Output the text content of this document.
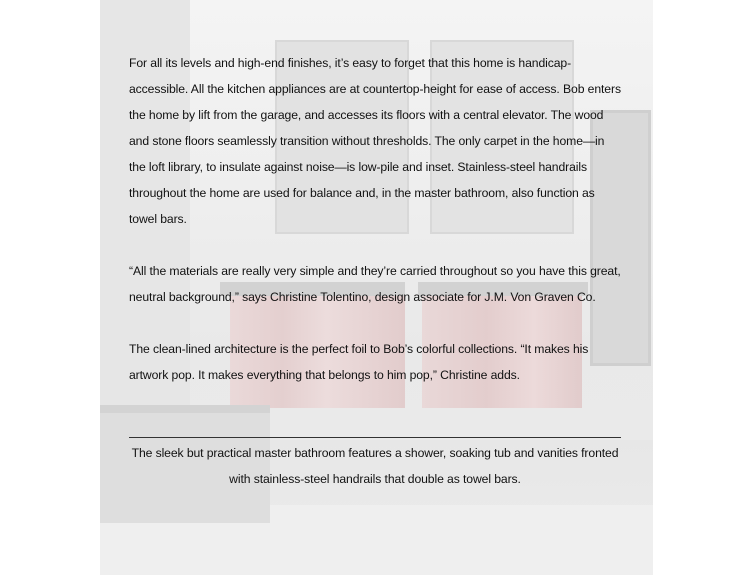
For all its levels and high-end finishes, it’s easy to forget that this home is handicap-accessible. All the kitchen appliances are at countertop-height for ease of access. Bob enters the home by lift from the garage, and accesses its floors with a central elevator. The wood and stone floors seamlessly transition without thresholds. The only carpet in the home—in the loft library, to insulate against noise—is low-pile and inset. Stainless-steel handrails throughout the home are used for balance and, in the master bathroom, also function as towel bars.

“All the materials are really very simple and they’re carried throughout so you have this great, neutral background,” says Christine Tolentino, design associate for J.M. Von Graven Co.

The clean-lined architecture is the perfect foil to Bob’s colorful collections. “It makes his artwork pop. It makes everything that belongs to him pop,” Christine adds.

The sleek but practical master bathroom features a shower, soaking tub and vanities fronted with stainless-steel handrails that double as towel bars.
